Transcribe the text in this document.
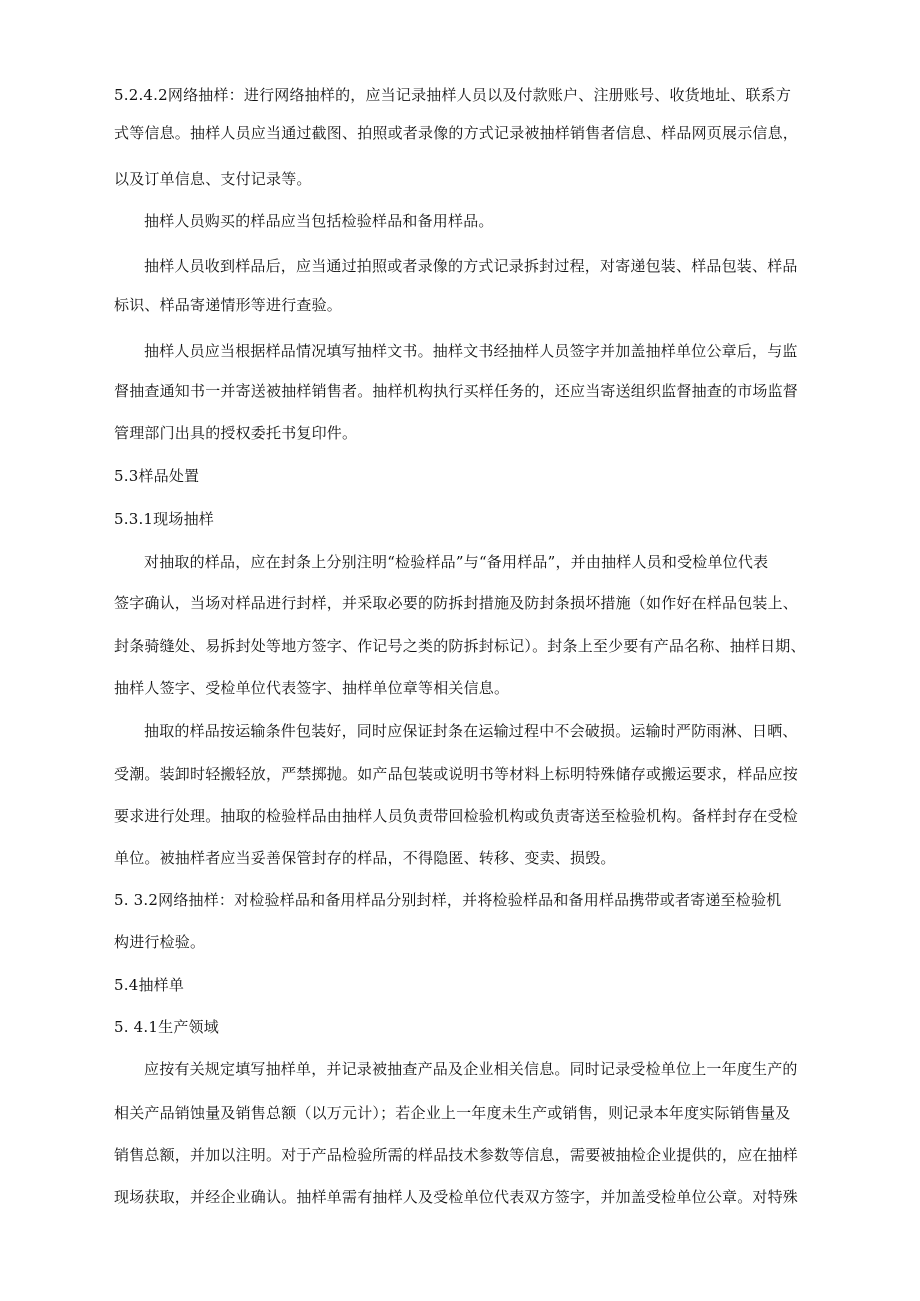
5.2.4.2网络抽样：进行网络抽样的，应当记录抽样人员以及付款账户、注册账号、收货地址、联系方
式等信息。抽样人员应当通过截图、拍照或者录像的方式记录被抽样销售者信息、样品网页展示信息，
以及订单信息、支付记录等。
抽样人员购买的样品应当包括检验样品和备用样品。
抽样人员收到样品后，应当通过拍照或者录像的方式记录拆封过程，对寄递包装、样品包装、样品
标识、样品寄递情形等进行查验。
抽样人员应当根据样品情况填写抽样文书。抽样文书经抽样人员签字并加盖抽样单位公章后，与监
督抽查通知书一并寄送被抽样销售者。抽样机构执行买样任务的，还应当寄送组织监督抽查的市场监督
管理部门出具的授权委托书复印件。
5.3样品处置
5.3.1现场抽样
对抽取的样品，应在封条上分别注明“检验样品”与“备用样品”，并由抽样人员和受检单位代表
签字确认，当场对样品进行封样，并采取必要的防拆封措施及防封条损坏措施（如作好在样品包装上、
封条骑缝处、易拆封处等地方签字、作记号之类的防拆封标记）。封条上至少要有产品名称、抽样日期、
抽样人签字、受检单位代表签字、抽样单位章等相关信息。
抽取的样品按运输条件包装好，同时应保证封条在运输过程中不会破损。运输时严防雨淋、日晒、
受潮。装卸时轻搬轻放，严禁掷抛。如产品包装或说明书等材料上标明特殊储存或搬运要求，样品应按
要求进行处理。抽取的检验样品由抽样人员负责带回检验机构或负责寄送至检验机构。备样封存在受检
单位。被抽样者应当妥善保管封存的样品，不得隐匿、转移、变卖、损毁。
5. 3.2网络抽样：对检验样品和备用样品分别封样，并将检验样品和备用样品携带或者寄递至检验机
构进行检验。
5.4抽样单
5. 4.1生产领域
应按有关规定填写抽样单，并记录被抽查产品及企业相关信息。同时记录受检单位上一年度生产的
相关产品销蚀量及销售总额（以万元计）；若企业上一年度未生产或销售，则记录本年度实际销售量及
销售总额，并加以注明。对于产品检验所需的样品技术参数等信息，需要被抽检企业提供的，应在抽样
现场获取，并经企业确认。抽样单需有抽样人及受检单位代表双方签字，并加盖受检单位公章。对特殊
